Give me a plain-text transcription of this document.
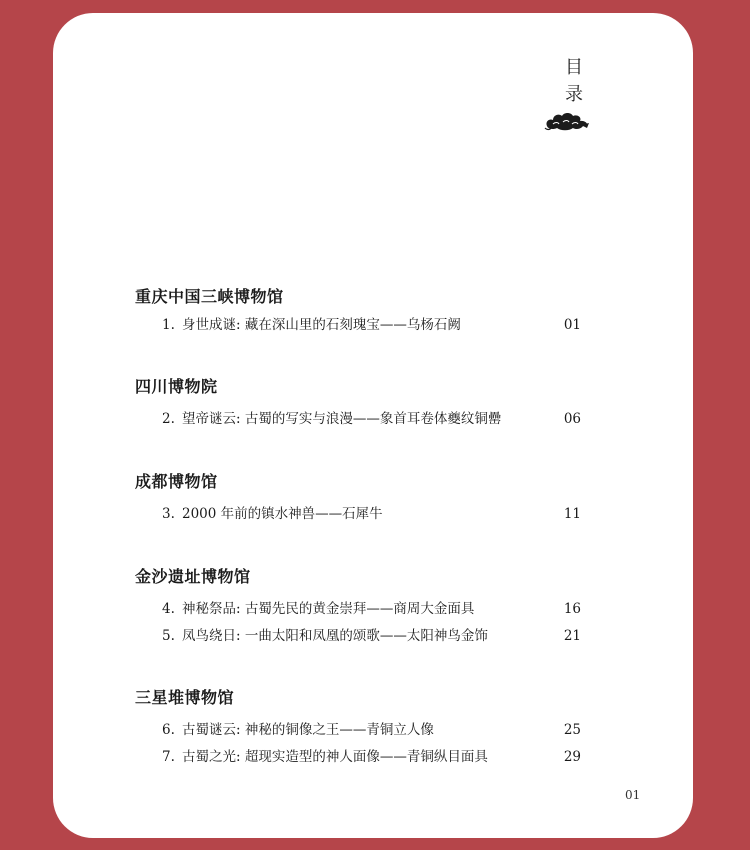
目
录
重庆中国三峡博物馆
1. 身世成谜: 藏在深山里的石刻瑰宝——乌杨石阙	01
四川博物院
2. 望帝谜云: 古蜀的写实与浪漫——象首耳卷体夔纹铜罍	06
成都博物馆
3. 2000 年前的镇水神兽——石犀牛	11
金沙遗址博物馆
4. 神秘祭品: 古蜀先民的黄金崇拜——商周大金面具	16
5. 凤鸟绕日: 一曲太阳和凤凰的颂歌——太阳神鸟金饰	21
三星堆博物馆
6. 古蜀谜云: 神秘的铜像之王——青铜立人像	25
7. 古蜀之光: 超现实造型的神人面像——青铜纵目面具	29
01
